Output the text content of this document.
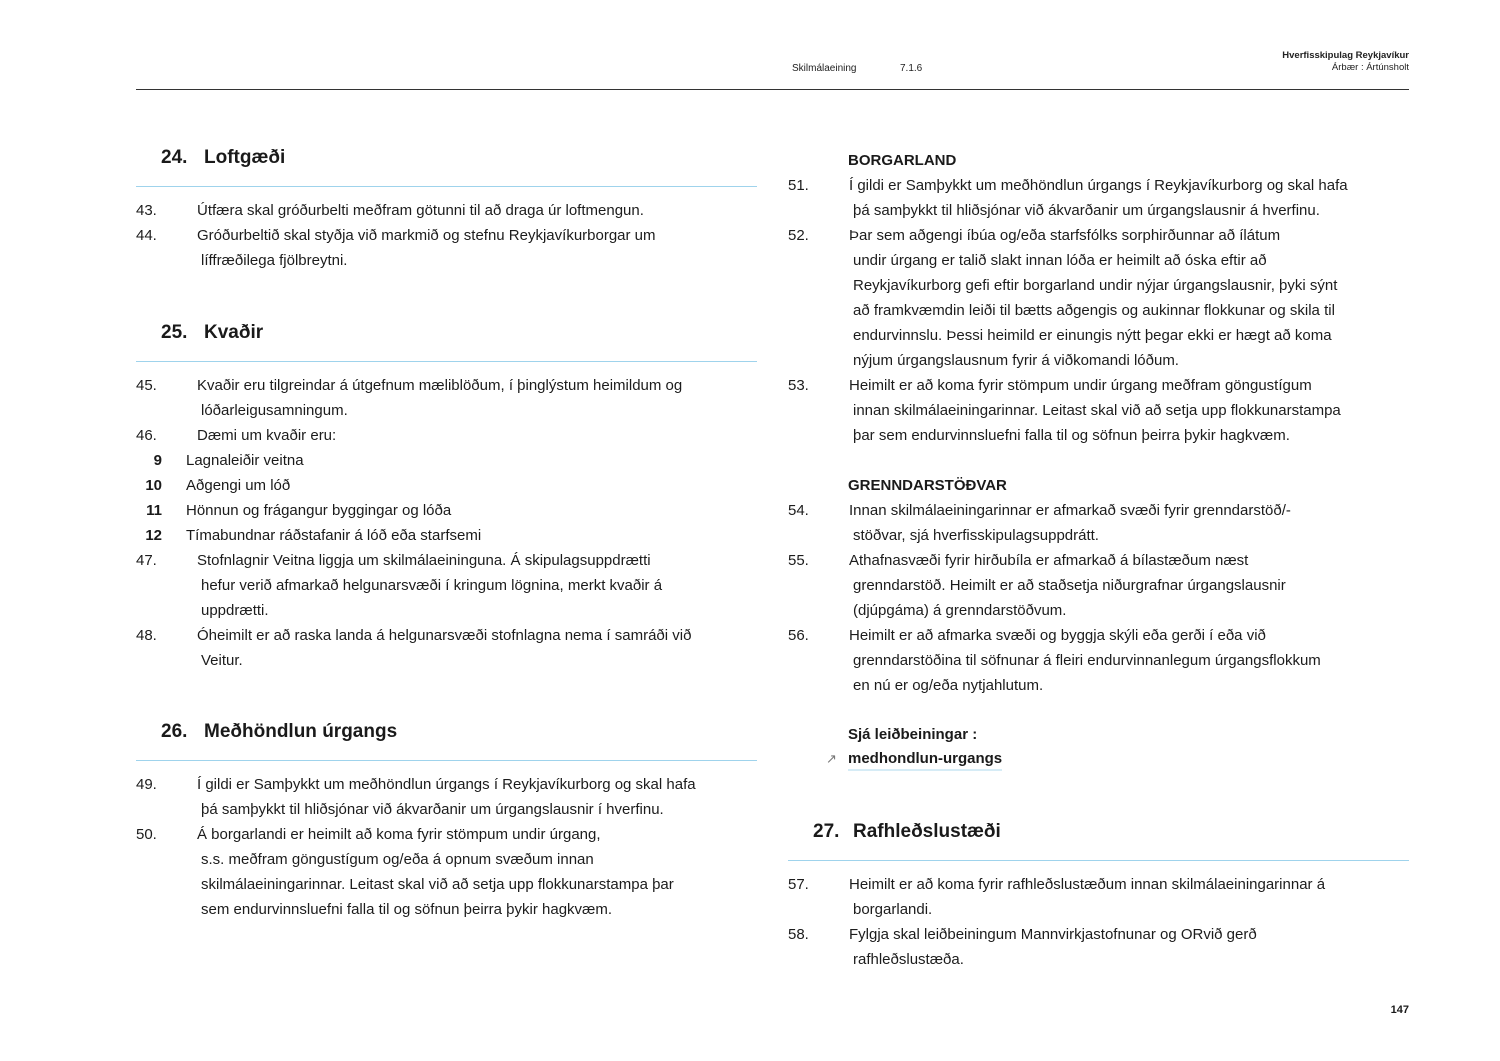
Skilmálaeining	7.1.6
Hverfisskipulag Reykjavíkur
Árbær : Ártúnsholt
24. Loftgæði
43.	Útfæra skal gróðurbelti meðfram götunni til að draga úr loftmengun.
44.	Gróðurbeltið skal styðja við markmið og stefnu Reykjavíkurborgar um
líffræðilega fjölbreytni.
25. Kvaðir
45.	Kvaðir eru tilgreindar á útgefnum mæliblöðum, í þinglýstum heimildum og
lóðarleigusamningum.
46.	Dæmi um kvaðir eru:
9 Lagnaleiðir veitna
10 Aðgengi um lóð
11 Hönnun og frágangur byggingar og lóða
12 Tímabundnar ráðstafanir á lóð eða starfsemi
47.	Stofnlagnir Veitna liggja um skilmálaeininguna. Á skipulagsuppdrætti
hefur verið afmarkað helgunarsvæði í kringum lögnina, merkt kvaðir á
uppdrætti.
48.	Óheimilt er að raska landa á helgunarsvæði stofnlagna nema í samráði við
Veitur.
26. Meðhöndlun úrgangs
49.	Í gildi er Samþykkt um meðhöndlun úrgangs í Reykjavíkurborg og skal hafa
þá samþykkt til hliðsjónar við ákvarðanir um úrgangslausnir í hverfinu.
50.	Á borgarlandi er heimilt að koma fyrir stömpum undir úrgang,
s.s. meðfram göngustígum og/eða á opnum svæðum innan
skilmálaeiningarinnar. Leitast skal við að setja upp flokkunarstampa þar
sem endurvinnsluefni falla til og söfnun þeirra þykir hagkvæm.
BORGARLAND
51.	Í gildi er Samþykkt um meðhöndlun úrgangs í Reykjavíkurborg og skal hafa
þá samþykkt til hliðsjónar við ákvarðanir um úrgangslausnir á hverfinu.
52.	Þar sem aðgengi íbúa og/eða starfsfólks sorphirðunnar að ílátum
undir úrgang er talið slakt innan lóða er heimilt að óska eftir að
Reykjavíkurborg gefi eftir borgarland undir nýjar úrgangslausnir, þyki sýnt
að framkvæmdin leiði til bætts aðgengis og aukinnar flokkunar og skila til
endurvinnslu. Þessi heimild er einungis nýtt þegar ekki er hægt að koma
nýjum úrgangslausnum fyrir á viðkomandi lóðum.
53.	Heimilt er að koma fyrir stömpum undir úrgang meðfram göngustígum
innan skilmálaeiningarinnar. Leitast skal við að setja upp flokkunarstampa
þar sem endurvinnsluefni falla til og söfnun þeirra þykir hagkvæm.
GRENNDARSTÖÐVAR
54.	Innan skilmálaeiningarinnar er afmarkað svæði fyrir grenndarstöð/-
stöðvar, sjá hverfisskipulagsuppdrátt.
55.	Athafnasvæði fyrir hirðubíla er afmarkað á bílastæðum næst
grenndarstöð. Heimilt er að staðsetja niðurgrafnar úrgangslausnir
(djúpgáma) á grenndarstöðvum.
56.	Heimilt er að afmarka svæði og byggja skýli eða gerði í eða við
grenndarstöðina til söfnunar á fleiri endurvinnanlegum úrgangsflokkum
en nú er og/eða nytjahlutum.
Sjá leiðbeiningar :
↗ medhondlun-urgangs
27. Rafhleðslustæði
57.	Heimilt er að koma fyrir rafhleðslustæðum innan skilmálaeiningarinnar á
borgarlandi.
58.	Fylgja skal leiðbeiningum Mannvirkjastofnunar og ORvið gerð
rafhleðslustæða.
147
